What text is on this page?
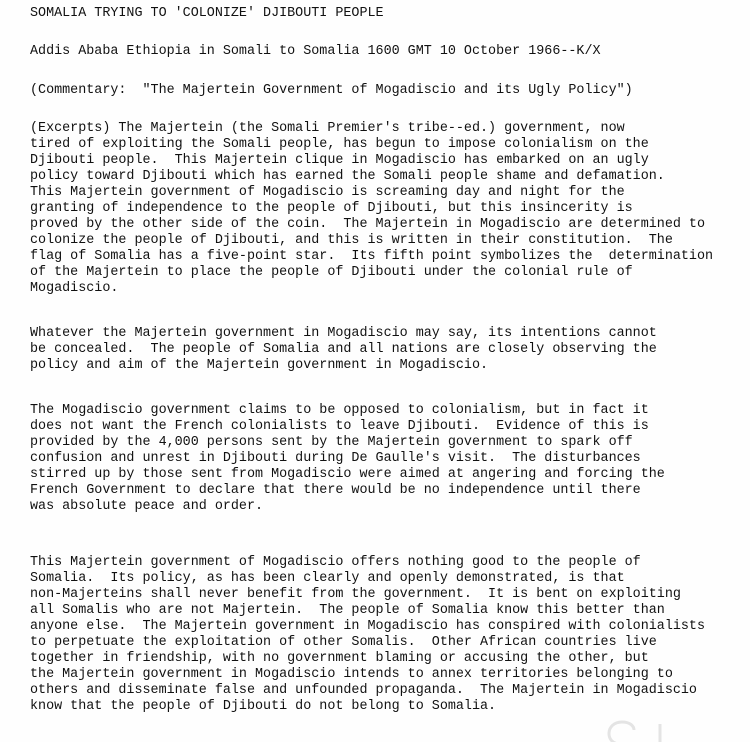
SOMALIA TRYING TO 'COLONIZE' DJIBOUTI PEOPLE
Addis Ababa Ethiopia in Somali to Somalia 1600 GMT 10 October 1966--K/X
(Commentary:  "The Majertein Government of Mogadiscio and its Ugly Policy")
(Excerpts) The Majertein (the Somali Premier's tribe--ed.) government, now
tired of exploiting the Somali people, has begun to impose colonialism on the
Djibouti people.  This Majertein clique in Mogadiscio has embarked on an ugly
policy toward Djibouti which has earned the Somali people shame and defamation.
This Majertein government of Mogadiscio is screaming day and night for the
granting of independence to the people of Djibouti, but this insincerity is
proved by the other side of the coin.  The Majertein in Mogadiscio are determined to
colonize the people of Djibouti, and this is written in their constitution.  The
flag of Somalia has a five-point star.  Its fifth point symbolizes the  determination
of the Majertein to place the people of Djibouti under the colonial rule of
Mogadiscio.
Whatever the Majertein government in Mogadiscio may say, its intentions cannot
be concealed.  The people of Somalia and all nations are closely observing the
policy and aim of the Majertein government in Mogadiscio.
The Mogadiscio government claims to be opposed to colonialism, but in fact it
does not want the French colonialists to leave Djibouti.  Evidence of this is
provided by the 4,000 persons sent by the Majertein government to spark off
confusion and unrest in Djibouti during De Gaulle's visit.  The disturbances
stirred up by those sent from Mogadiscio were aimed at angering and forcing the
French Government to declare that there would be no independence until there
was absolute peace and order.
This Majertein government of Mogadiscio offers nothing good to the people of
Somalia.  Its policy, as has been clearly and openly demonstrated, is that
non-Majerteins shall never benefit from the government.  It is bent on exploiting
all Somalis who are not Majertein.  The people of Somalia know this better than
anyone else.  The Majertein government in Mogadiscio has conspired with colonialists
to perpetuate the exploitation of other Somalis.  Other African countries live
together in friendship, with no government blaming or accusing the other, but
the Majertein government in Mogadiscio intends to annex territories belonging to
others and disseminate false and unfounded propaganda.  The Majertein in Mogadiscio
know that the people of Djibouti do not belong to Somalia.
